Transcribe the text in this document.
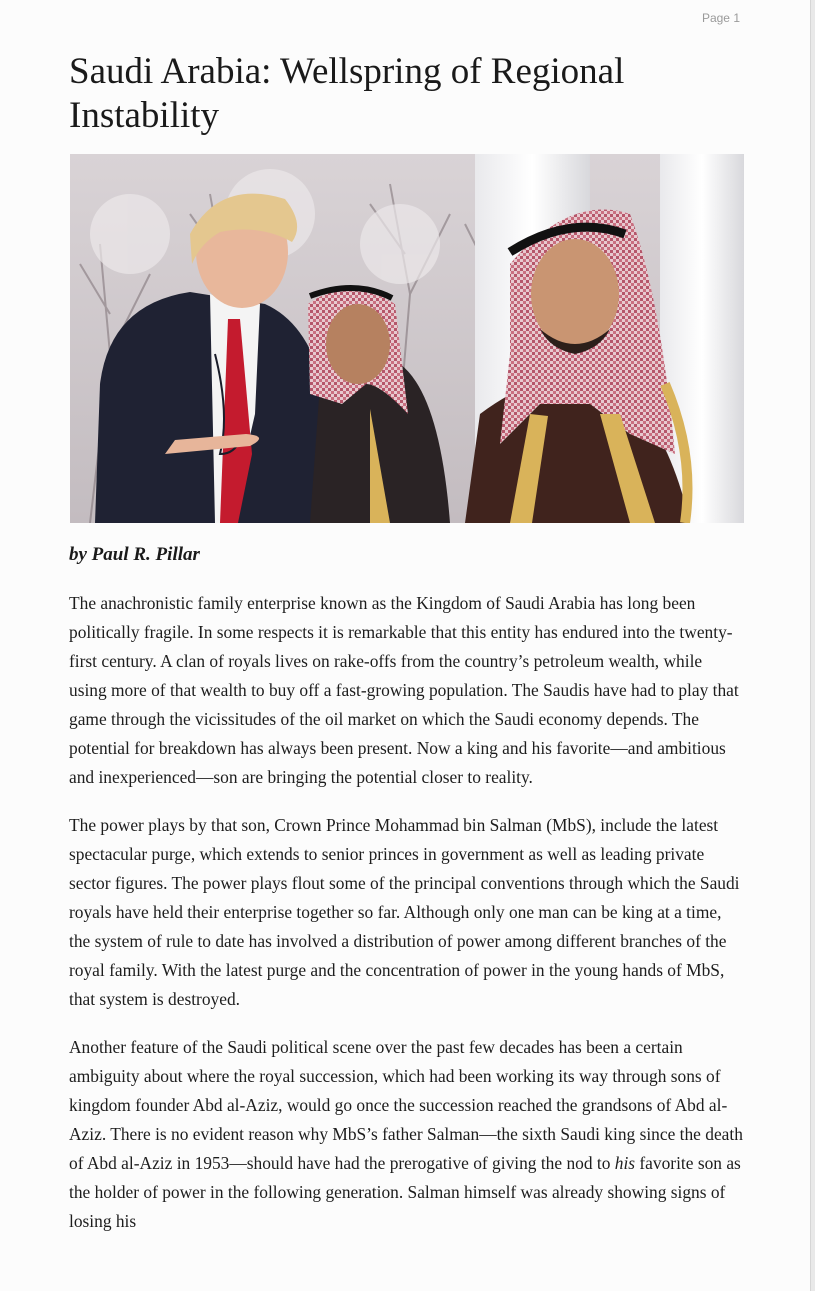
Page 1
Saudi Arabia: Wellspring of Regional Instability
by Paul R. Pillar

The anachronistic family enterprise known as the Kingdom of Saudi Arabia has long been politically fragile. In some respects it is remarkable that this entity has endured into the twenty-first century. A clan of royals lives on rake-offs from the country’s petroleum wealth, while using more of that wealth to buy off a fast-growing population. The Saudis have had to play that game through the vicissitudes of the oil market on which the Saudi economy depends. The potential for breakdown has always been present. Now a king and his favorite—and ambitious and inexperienced—son are bringing the potential closer to reality.

The power plays by that son, Crown Prince Mohammad bin Salman (MbS), include the latest spectacular purge, which extends to senior princes in government as well as leading private sector figures. The power plays flout some of the principal conventions through which the Saudi royals have held their enterprise together so far. Although only one man can be king at a time, the system of rule to date has involved a distribution of power among different branches of the royal family. With the latest purge and the concentration of power in the young hands of MbS, that system is destroyed.

Another feature of the Saudi political scene over the past few decades has been a certain ambiguity about where the royal succession, which had been working its way through sons of kingdom founder Abd al-Aziz, would go once the succession reached the grandsons of Abd al-Aziz. There is no evident reason why MbS’s father Salman—the sixth Saudi king since the death of Abd al-Aziz in 1953—should have had the prerogative of giving the nod to his favorite son as the holder of power in the following generation. Salman himself was already showing signs of losing his
